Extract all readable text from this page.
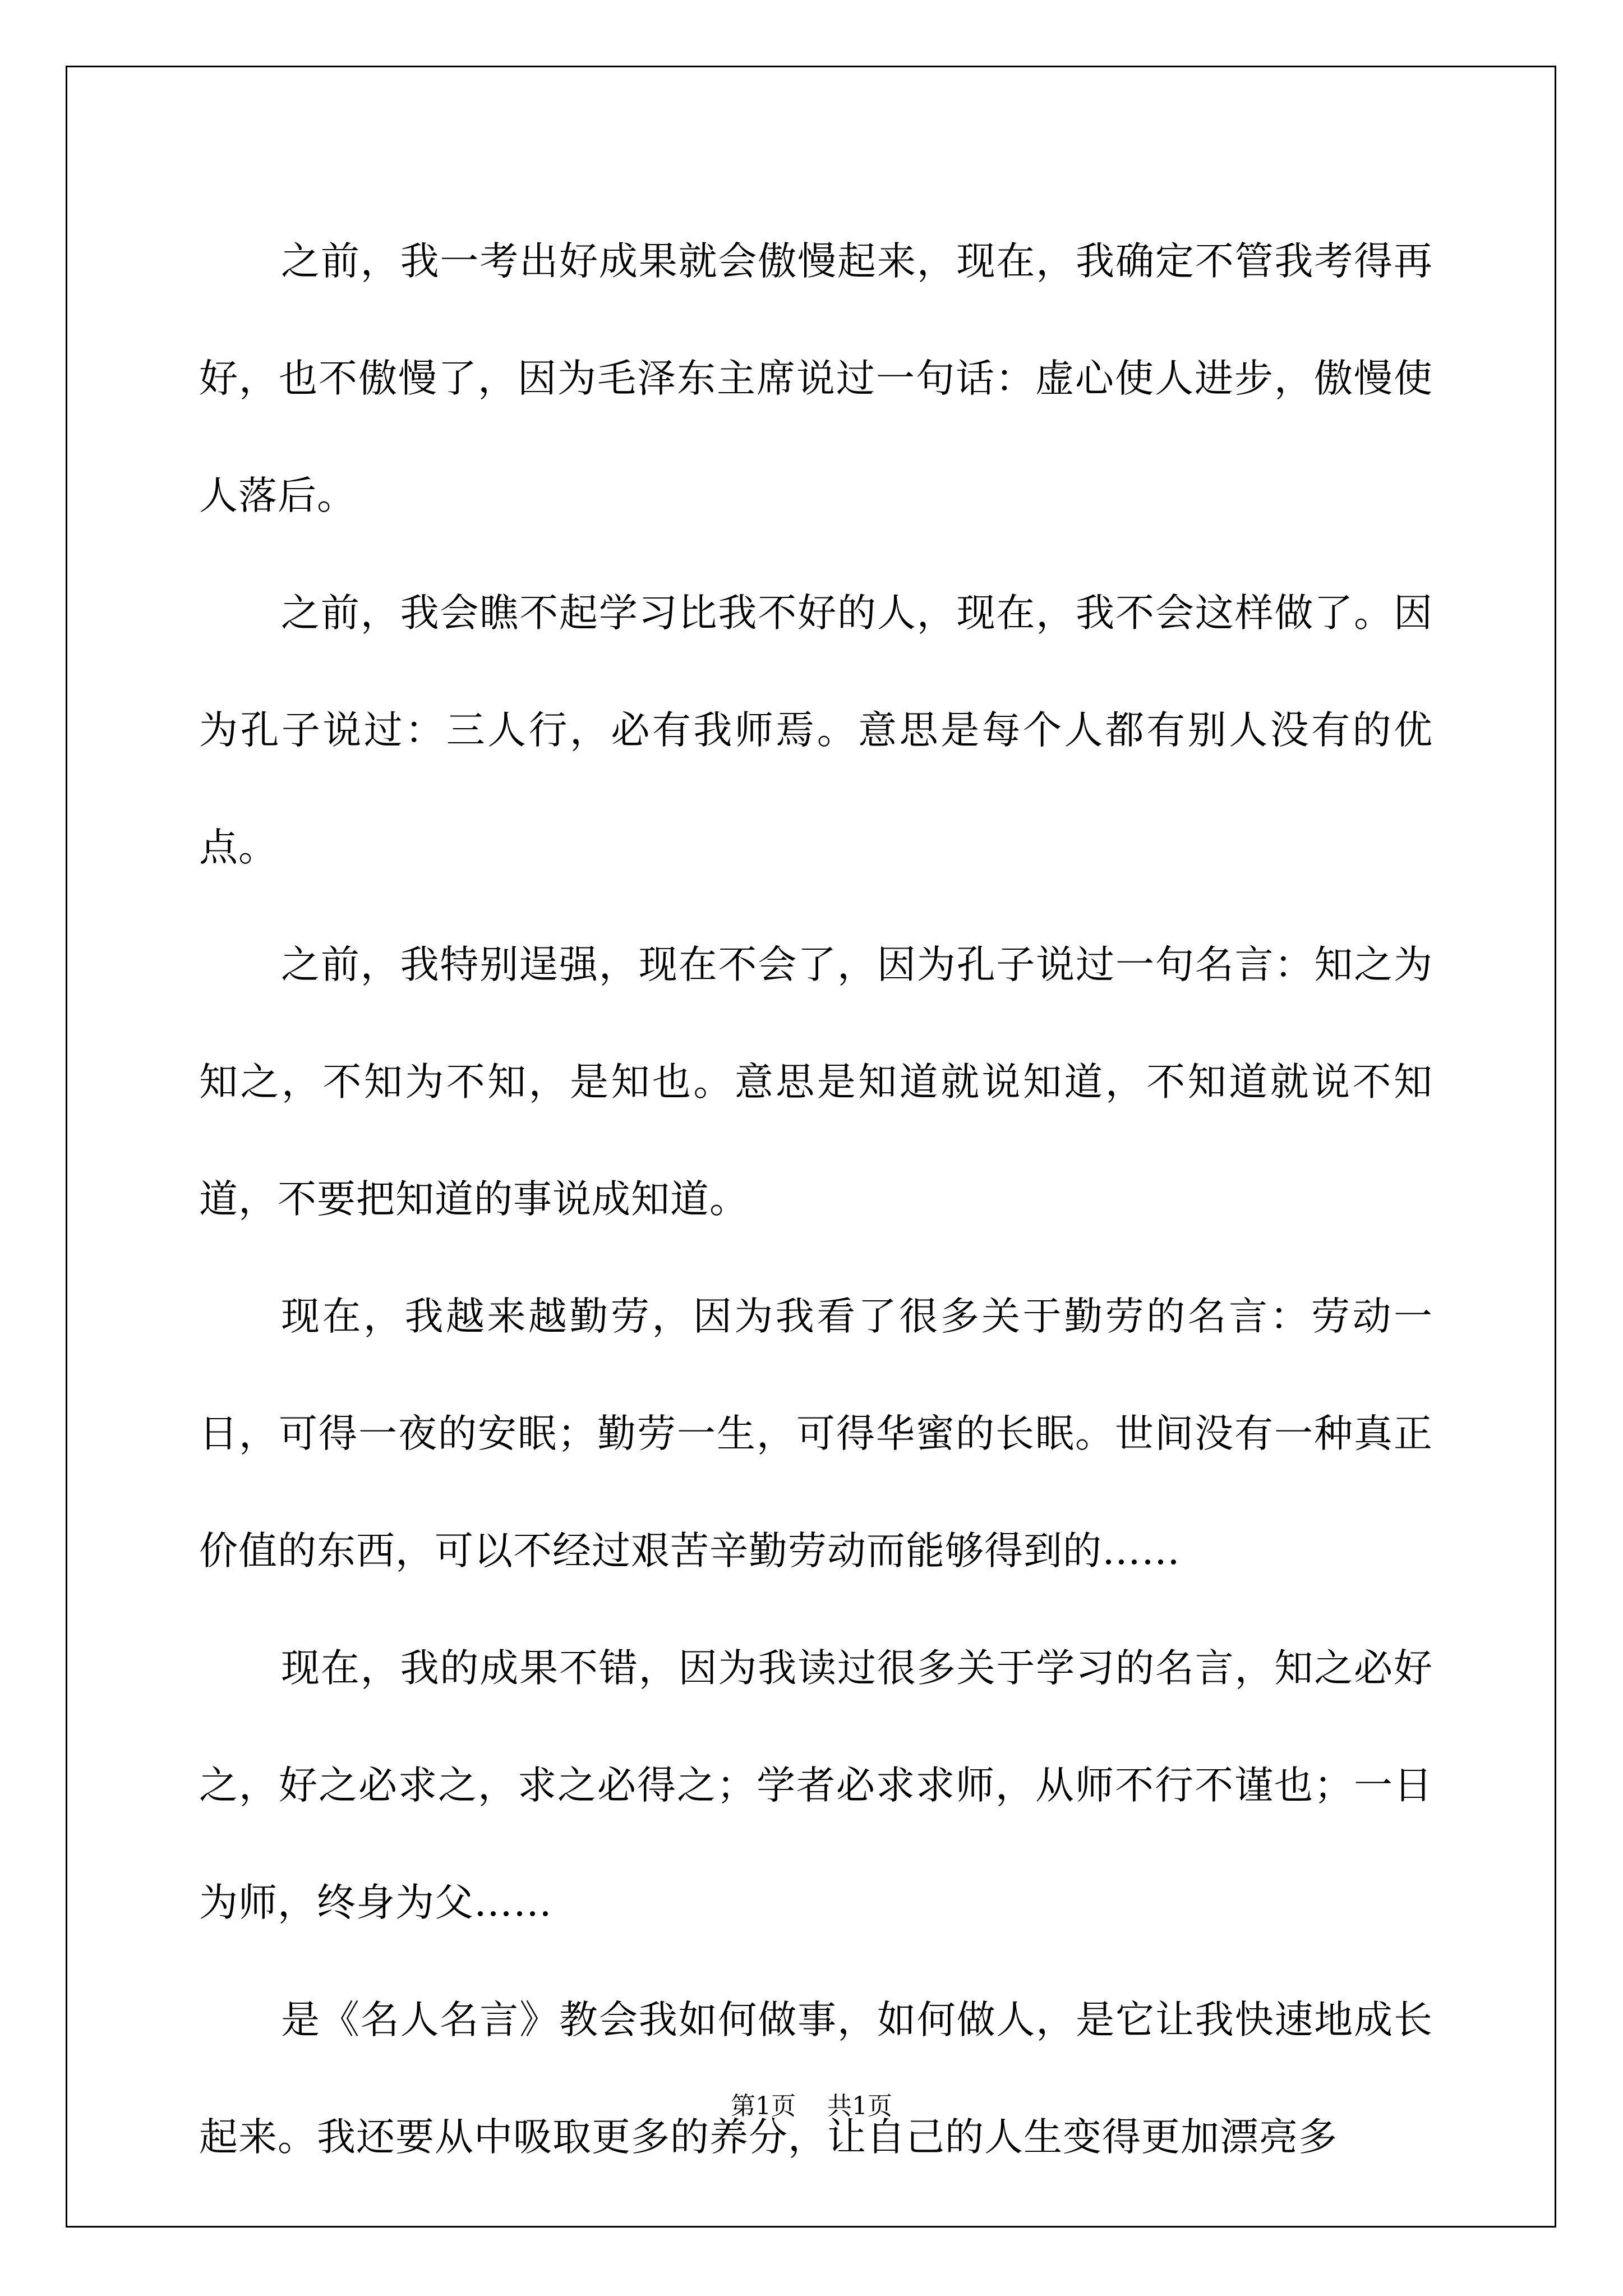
之前，我一考出好成果就会傲慢起来，现在，我确定不管我考得再好，也不傲慢了，因为毛泽东主席说过一句话：虚心使人进步，傲慢使人落后。

之前，我会瞧不起学习比我不好的人，现在，我不会这样做了。因为孔子说过：三人行，必有我师焉。意思是每个人都有别人没有的优点。

之前，我特别逞强，现在不会了，因为孔子说过一句名言：知之为知之，不知为不知，是知也。意思是知道就说知道，不知道就说不知道，不要把知道的事说成知道。

现在，我越来越勤劳，因为我看了很多关于勤劳的名言：劳动一日，可得一夜的安眠；勤劳一生，可得华蜜的长眠。世间没有一种真正价值的东西，可以不经过艰苦辛勤劳动而能够得到的……

现在，我的成果不错，因为我读过很多关于学习的名言，知之必好之，好之必求之，求之必得之；学者必求求师，从师不行不谨也；一日为师，终身为父……

是《名人名言》教会我如何做事，如何做人，是它让我快速地成长起来。我还要从中吸取更多的养分，让自己的人生变得更加漂亮多

第1页    共1页
